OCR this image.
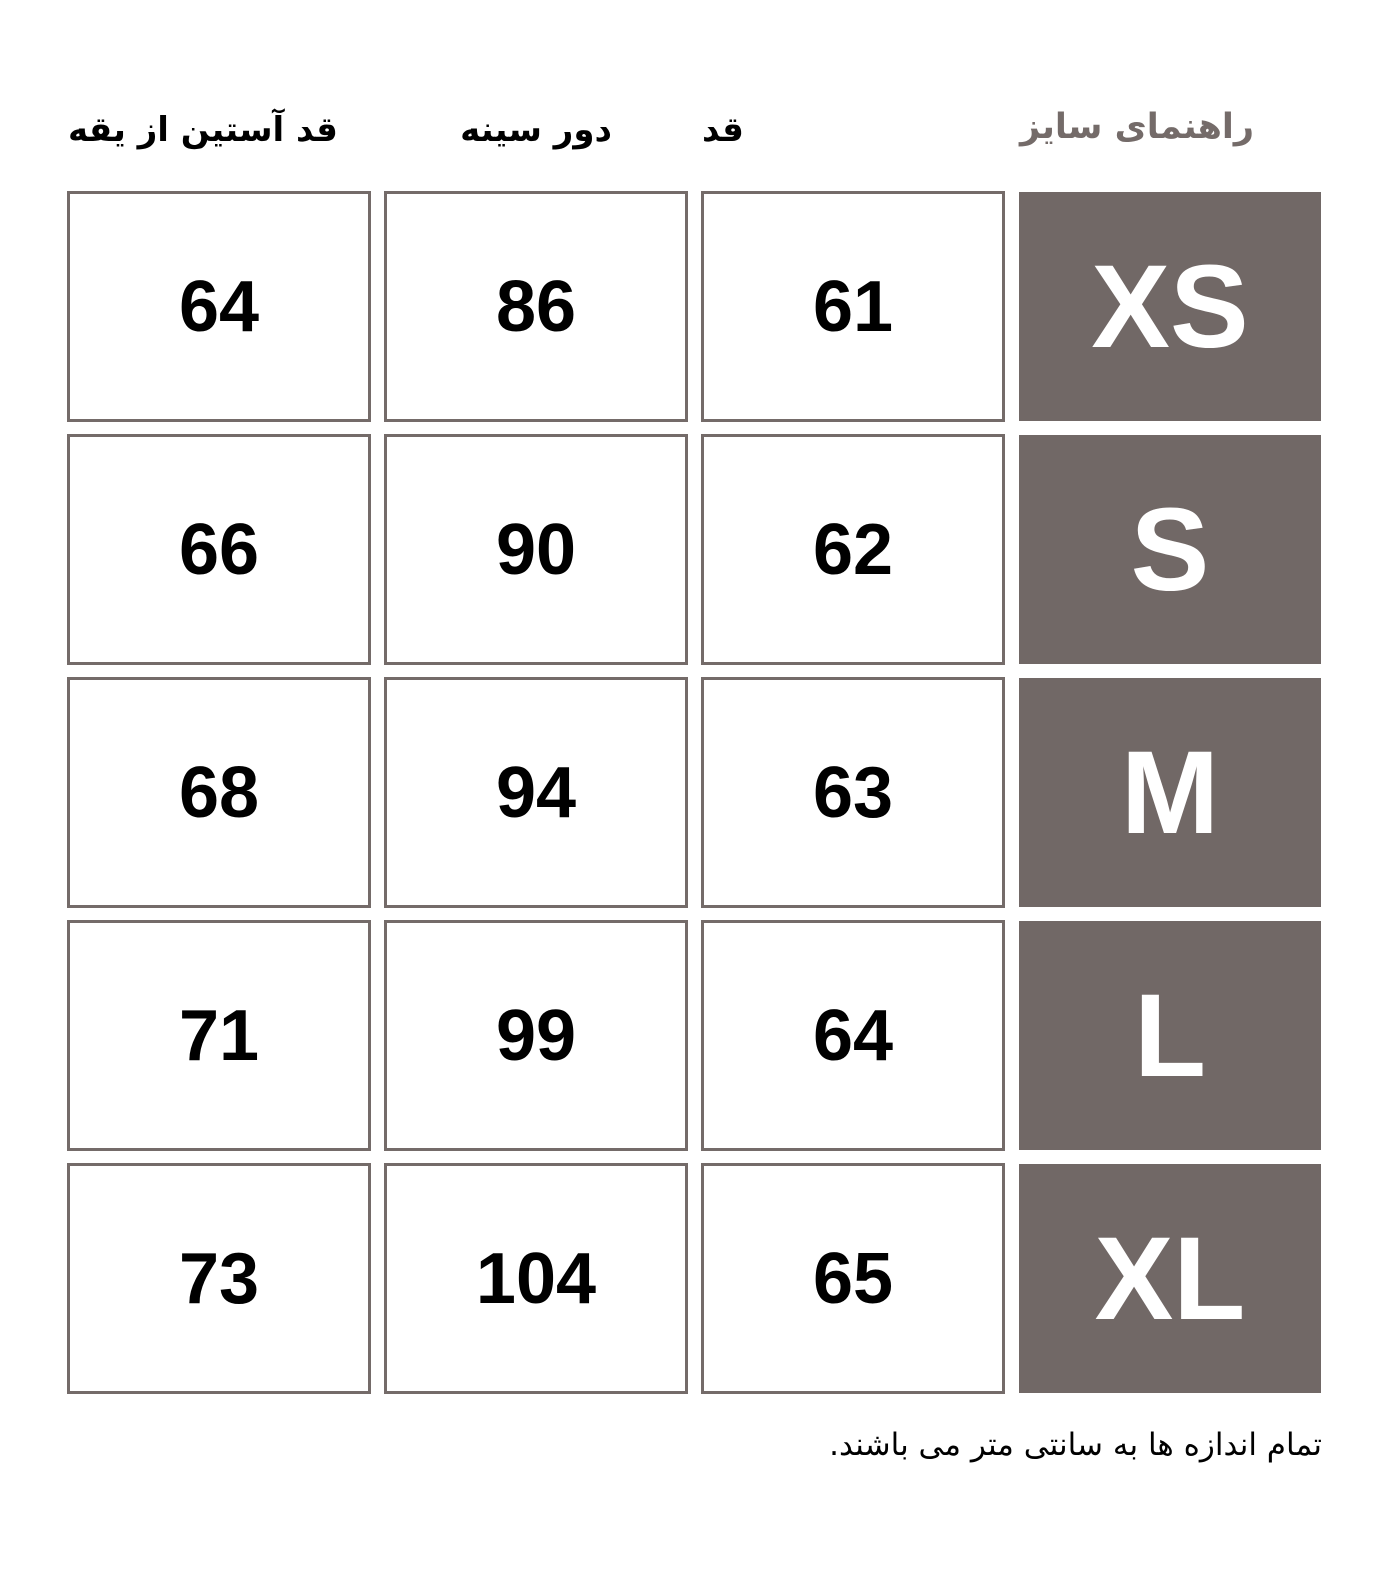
راهنمای سایز
قد
دور سینه
قد آستین از یقه
XS
61
86
64
S
62
90
66
M
63
94
68
L
64
99
71
XL
65
104
73
تمام اندازه ها به سانتی متر می باشند.
